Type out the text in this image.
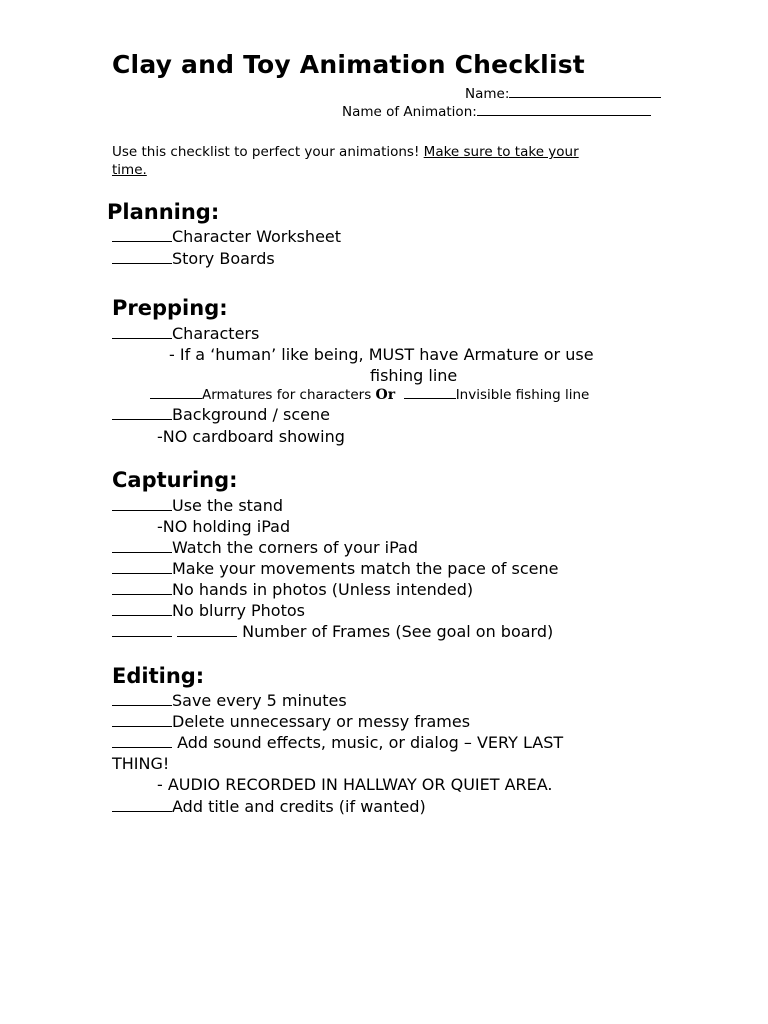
Clay and Toy Animation Checklist
Name:
Name of Animation:
Use this checklist to perfect your animations! Make sure to take your
time.
Planning:
Character Worksheet
Story Boards
Prepping:
Characters
- If a ‘human’ like being, MUST have Armature or use
fishing line
Armatures for characters Or	Invisible fishing line
Background / scene
-NO cardboard showing
Capturing:
Use the stand
-NO holding iPad
Watch the corners of your iPad
Make your movements match the pace of scene
No hands in photos (Unless intended)
No blurry Photos
Number of Frames (See goal on board)
Editing:
Save every 5 minutes
Delete unnecessary or messy frames
Add sound effects, music, or dialog – VERY LAST
THING!
- AUDIO RECORDED IN HALLWAY OR QUIET AREA.
Add title and credits (if wanted)
